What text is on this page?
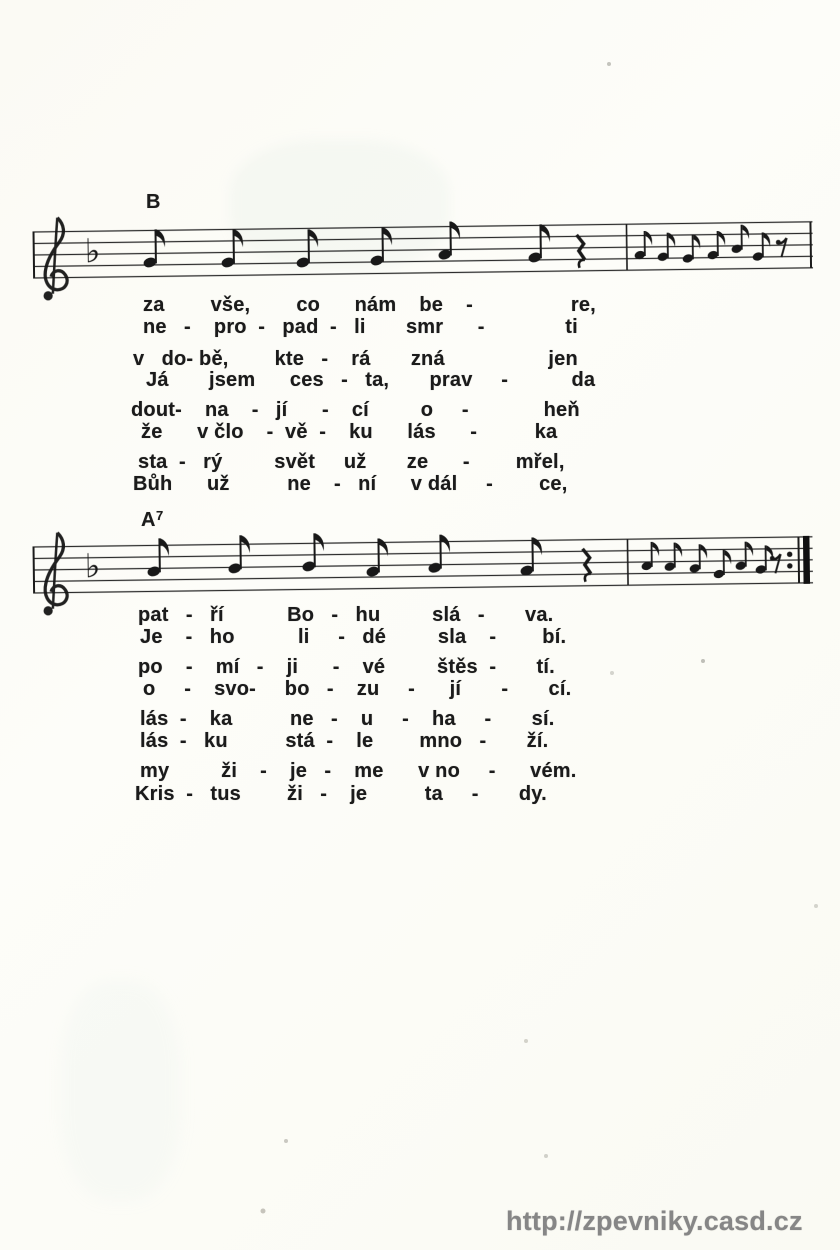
B
♭
za        vše,        co      nám    be    -                 re,
ne   -    pro  -   pad  -   li       smr      -              ti
v   do- bě,        kte   -    rá       zná                  jen
Já       jsem      ces   -   ta,       prav     -           da
dout-    na    -   jí      -    cí         o     -             heň
že      v člo    -  vě  -    ku      lás      -          ka
sta  -   rý         svět     už       ze      -        mřel,
Bůh      už          ne    -   ní      v dál     -        ce,
$A^7$
♭
pat   -   ří           Bo   -   hu         slá   -       va.
Je    -   ho           li     -   dé         sla    -        bí.
po    -    mí   -    ji      -    vé         štěs  -       tí.
o     -    svo-     bo   -    zu     -      jí       -       cí.
lás  -    ka          ne   -    u     -    ha     -       sí.
lás  -   ku          stá  -    le        mno   -       ží.
my         ži    -    je   -    me      v no     -      vém.
Kris  -   tus        ži   -    je          ta     -       dy.
http://zpevniky.casd.cz
